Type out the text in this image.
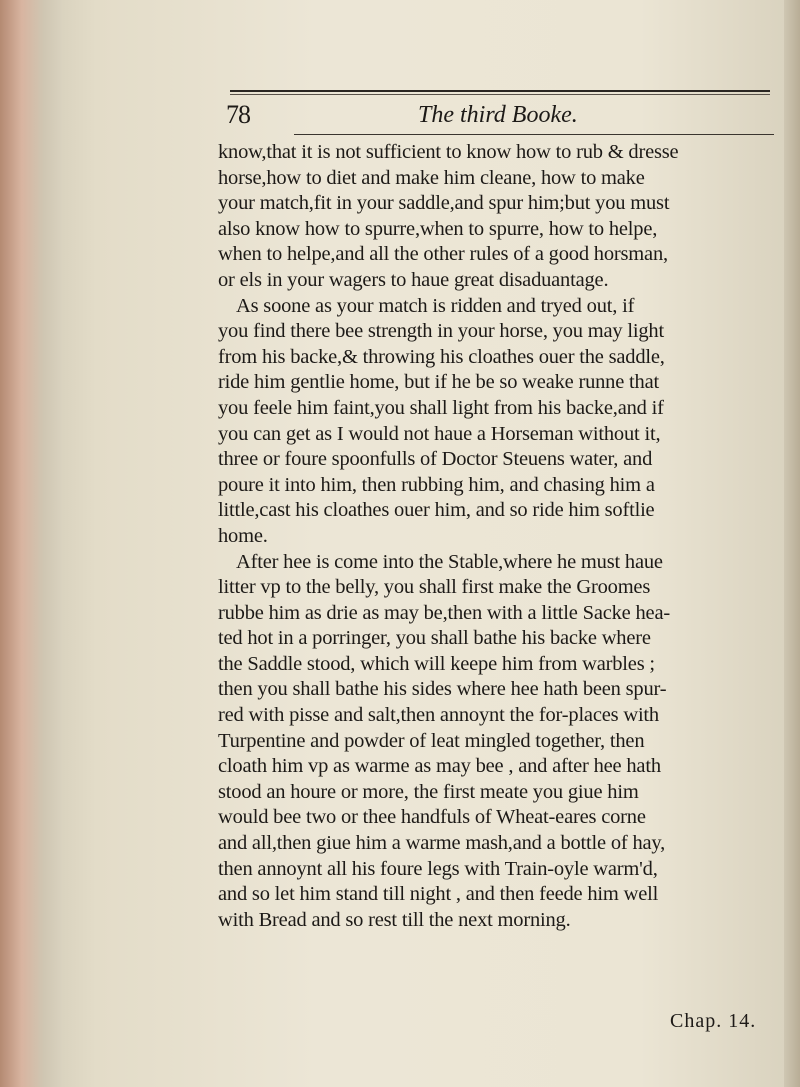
78	The third Booke.
know,that it is not sufficient to know how to rub & dresse
horse,how to diet and make him cleane, how to make
your match,fit in your saddle,and spur him;but you must
also know how to spurre,when to spurre, how to helpe,
when to helpe,and all the other rules of a good horsman,
or els in your wagers to haue great disaduantage.
As soone as your match is ridden and tryed out, if
you find there bee strength in your horse, you may light
from his backe,& throwing his cloathes ouer the saddle,
ride him gentlie home, but if he be so weake runne that
you feele him faint,you shall light from his backe,and if
you can get as I would not haue a Horseman without it,
three or foure spoonfulls of Doctor Steuens water, and
poure it into him, then rubbing him, and chasing him a
little,cast his cloathes ouer him, and so ride him softlie
home.
After hee is come into the Stable,where he must haue
litter vp to the belly, you shall first make the Groomes
rubbe him as drie as may be,then with a little Sacke hea-
ted hot in a porringer, you shall bathe his backe where
the Saddle stood, which will keepe him from warbles ;
then you shall bathe his sides where hee hath been spur-
red with pisse and salt,then annoynt the for-places with
Turpentine and powder of leat mingled together, then
cloath him vp as warme as may bee , and after hee hath
stood an houre or more, the first meate you giue him
would bee two or thee handfuls of Wheat-eares corne
and all,then giue him a warme mash,and a bottle of hay,
then annoynt all his foure legs with Train-oyle warm'd,
and so let him stand till night , and then feede him well
with Bread and so rest till the next morning.
Chap. 14.
